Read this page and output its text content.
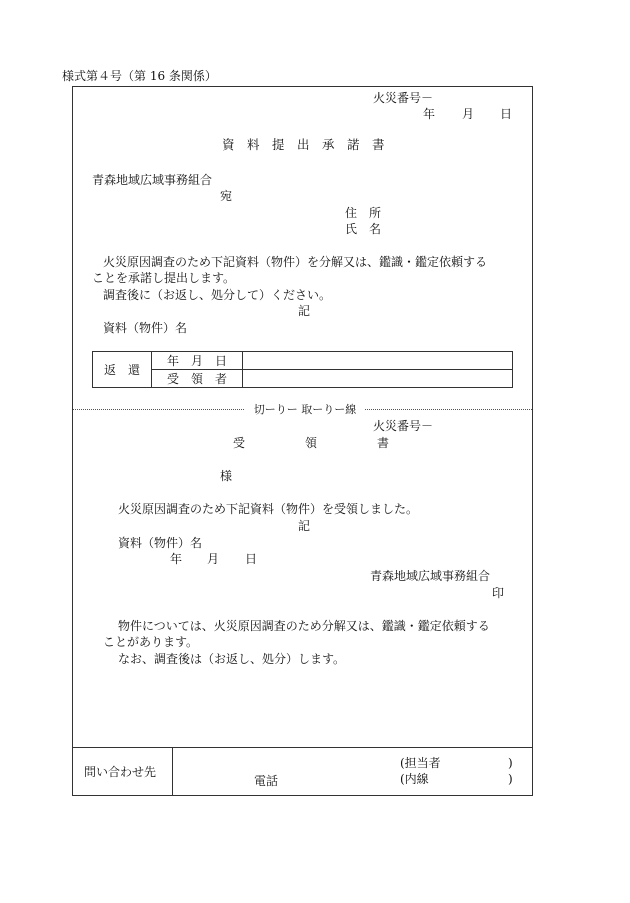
様式第４号（第 16 条関係）
火災番号－
年 月 日
資　料　提　出　承　諾　書
青森地域広域事務組合
宛
住　所
氏　名
火災原因調査のため下記資料（物件）を分解又は、鑑識・鑑定依頼する
ことを承諾し提出します。
調査後に（お返し、処分して）ください。
記
資料（物件）名
返　還	年　月　日	
	受　領　者	
切ーりー 取ーりー線
火災番号－
受　　　　　領　　　　　書
様
火災原因調査のため下記資料（物件）を受領しました。
記
資料（物件）名
年 月 日
青森地域広域事務組合
印
物件については、火災原因調査のため分解又は、鑑識・鑑定依頼する
ことがあります。
なお、調査後は（お返し、処分）します。
問い合わせ先
電話
(担当者	)
(内線	)
